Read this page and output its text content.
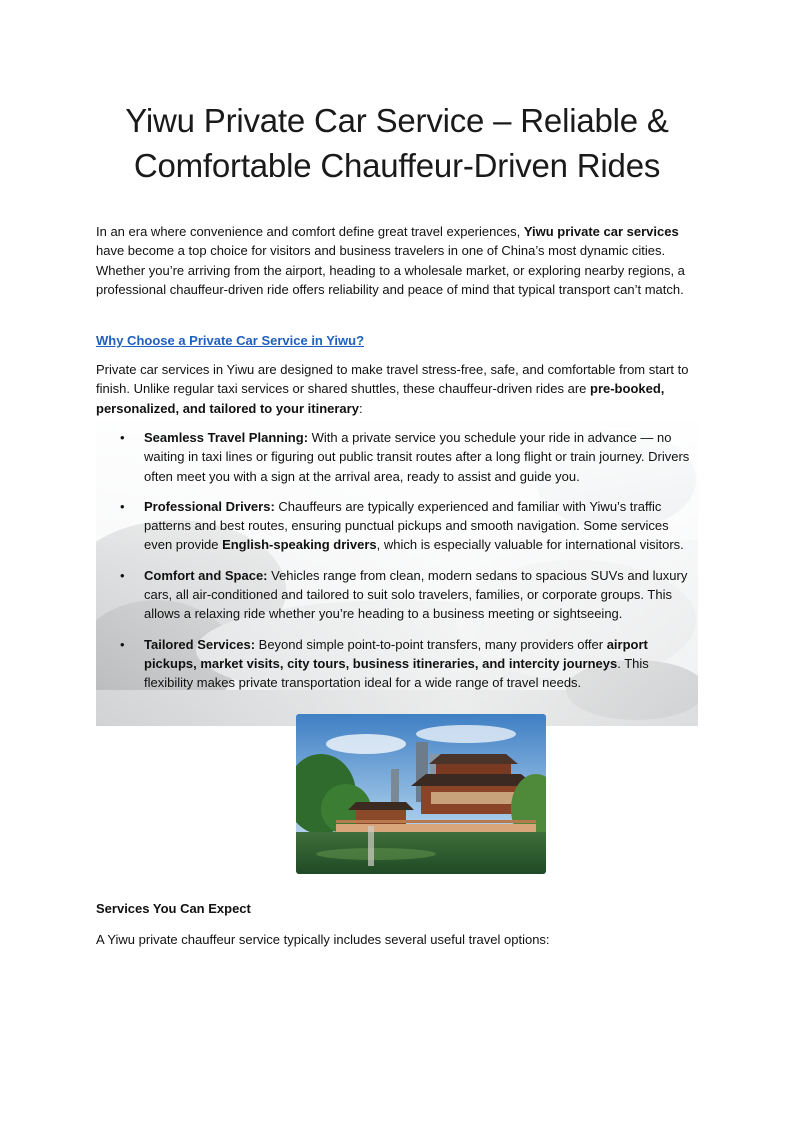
Yiwu Private Car Service – Reliable &
Comfortable Chauffeur-Driven Rides

In an era where convenience and comfort define great travel experiences, Yiwu private car services have become a top choice for visitors and business travelers in one of China’s most dynamic cities. Whether you’re arriving from the airport, heading to a wholesale market, or exploring nearby regions, a professional chauffeur-driven ride offers reliability and peace of mind that typical transport can’t match.

Why Choose a Private Car Service in Yiwu?

Private car services in Yiwu are designed to make travel stress-free, safe, and comfortable from start to finish. Unlike regular taxi services or shared shuttles, these chauffeur-driven rides are pre-booked, personalized, and tailored to your itinerary:

• Seamless Travel Planning: With a private service you schedule your ride in advance — no waiting in taxi lines or figuring out public transit routes after a long flight or train journey. Drivers often meet you with a sign at the arrival area, ready to assist and guide you.
• Professional Drivers: Chauffeurs are typically experienced and familiar with Yiwu’s traffic patterns and best routes, ensuring punctual pickups and smooth navigation. Some services even provide English-speaking drivers, which is especially valuable for international visitors.
• Comfort and Space: Vehicles range from clean, modern sedans to spacious SUVs and luxury cars, all air-conditioned and tailored to suit solo travelers, families, or corporate groups. This allows a relaxing ride whether you’re heading to a business meeting or sightseeing.
• Tailored Services: Beyond simple point-to-point transfers, many providers offer airport pickups, market visits, city tours, business itineraries, and intercity journeys. This flexibility makes private transportation ideal for a wide range of travel needs.

Services You Can Expect

A Yiwu private chauffeur service typically includes several useful travel options:
